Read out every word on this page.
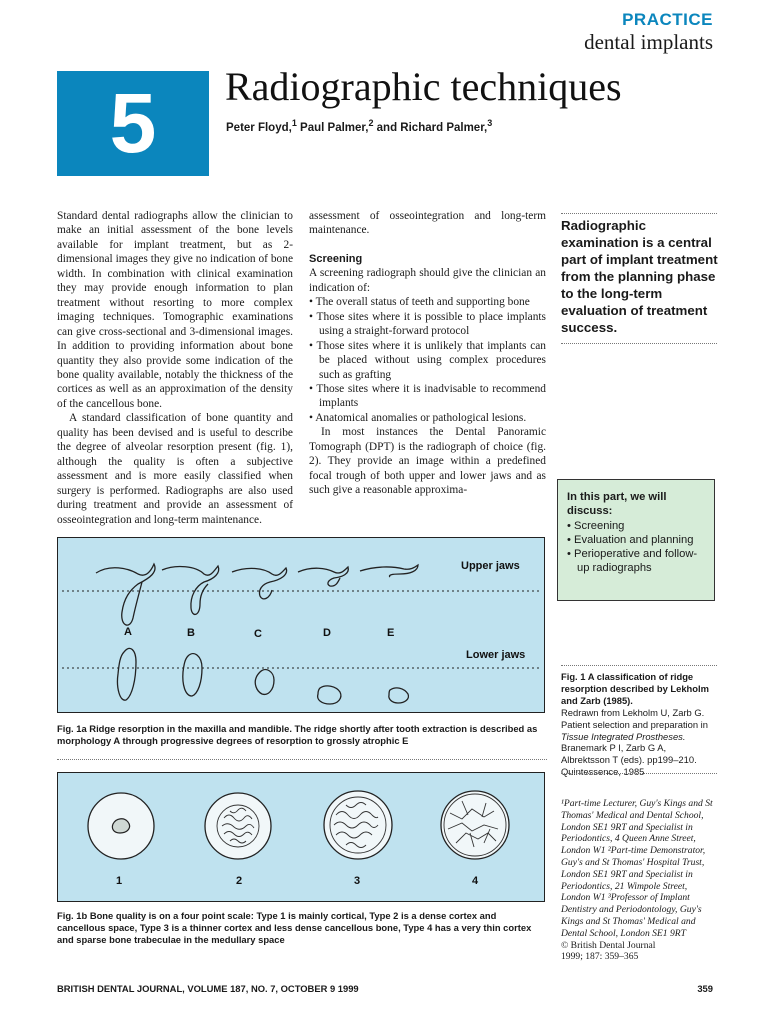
PRACTICE
dental implants
5 Radiographic techniques
Peter Floyd,$^1$ Paul Palmer,$^2$ and Richard Palmer,$^3$

Standard dental radiographs allow the clinician to make an initial assessment of the bone levels available for implant treatment, but as 2-dimensional images they give no indication of bone width. In combination with clinical examination they may provide enough information to plan treatment without resorting to more complex imaging techniques. Tomographic examinations can give cross-sectional and 3-dimensional images. In addition to providing information about bone quantity they also provide some indication of the bone quality available, notably the thickness of the cortices as well as an approximation of the density of the cancellous bone.

A standard classification of bone quantity and quality has been devised and is useful to describe the degree of alveolar resorption present (fig. 1), although the quality is often a subjective assessment and is more easily classified when surgery is performed. Radiographs are also used during treatment and provide an assessment of osseointegration and long-term maintenance.

assessment of osseointegration and long-term maintenance.

Screening

A screening radiograph should give the clinician an indication of:

• The overall status of teeth and supporting bone
• Those sites where it is possible to place implants using a straight-forward protocol
• Those sites where it is unlikely that implants can be placed without using complex procedures such as grafting
• Those sites where it is inadvisable to recommend implants
• Anatomical anomalies or pathological lesions.

In most instances the Dental Panoramic Tomograph (DPT) is the radiograph of choice (fig. 2). They provide an image within a predefined focal trough of both upper and lower jaws and as such give a reasonable approxima-

Radiographic examination is a central part of implant treatment from the planning phase to the long-term evaluation of treatment success.
In this part, we will discuss:
• Screening
• Evaluation and planning
• Perioperative and follow-up radiographs
Upper jaws
Lower jaws
A	B	C	D	E
Fig. 1a Ridge resorption in the maxilla and mandible. The ridge shortly after tooth extraction is described as morphology A through progressive degrees of resorption to grossly atrophic E
1	2	3	4
Fig. 1b Bone quality is on a four point scale: Type 1 is mainly cortical, Type 2 is a dense cortex and cancellous space, Type 3 is a thinner cortex and less dense cancellous bone, Type 4 has a very thin cortex and sparse bone trabeculae in the medullary space
Fig. 1 A classification of ridge resorption described by Lekholm and Zarb (1985).
Redrawn from Lekholm U, Zarb G. Patient selection and preparation in Tissue Integrated Prostheses. Branemark P I, Zarb G A, Albrektsson T (eds). pp199–210. Quintessence, 1985
¹Part-time Lecturer, Guy's Kings and St Thomas' Medical and Dental School, London SE1 9RT and Specialist in Periodontics, 4 Queen Anne Street, London W1 ²Part-time Demonstrator, Guy's and St Thomas' Hospital Trust, London SE1 9RT and Specialist in Periodontics, 21 Wimpole Street, London W1 ³Professor of Implant Dentistry and Periodontology, Guy's Kings and St Thomas' Medical and Dental School, London SE1 9RT
© British Dental Journal
1999; 187: 359–365
BRITISH DENTAL JOURNAL, VOLUME 187, NO. 7, OCTOBER 9 1999	359
